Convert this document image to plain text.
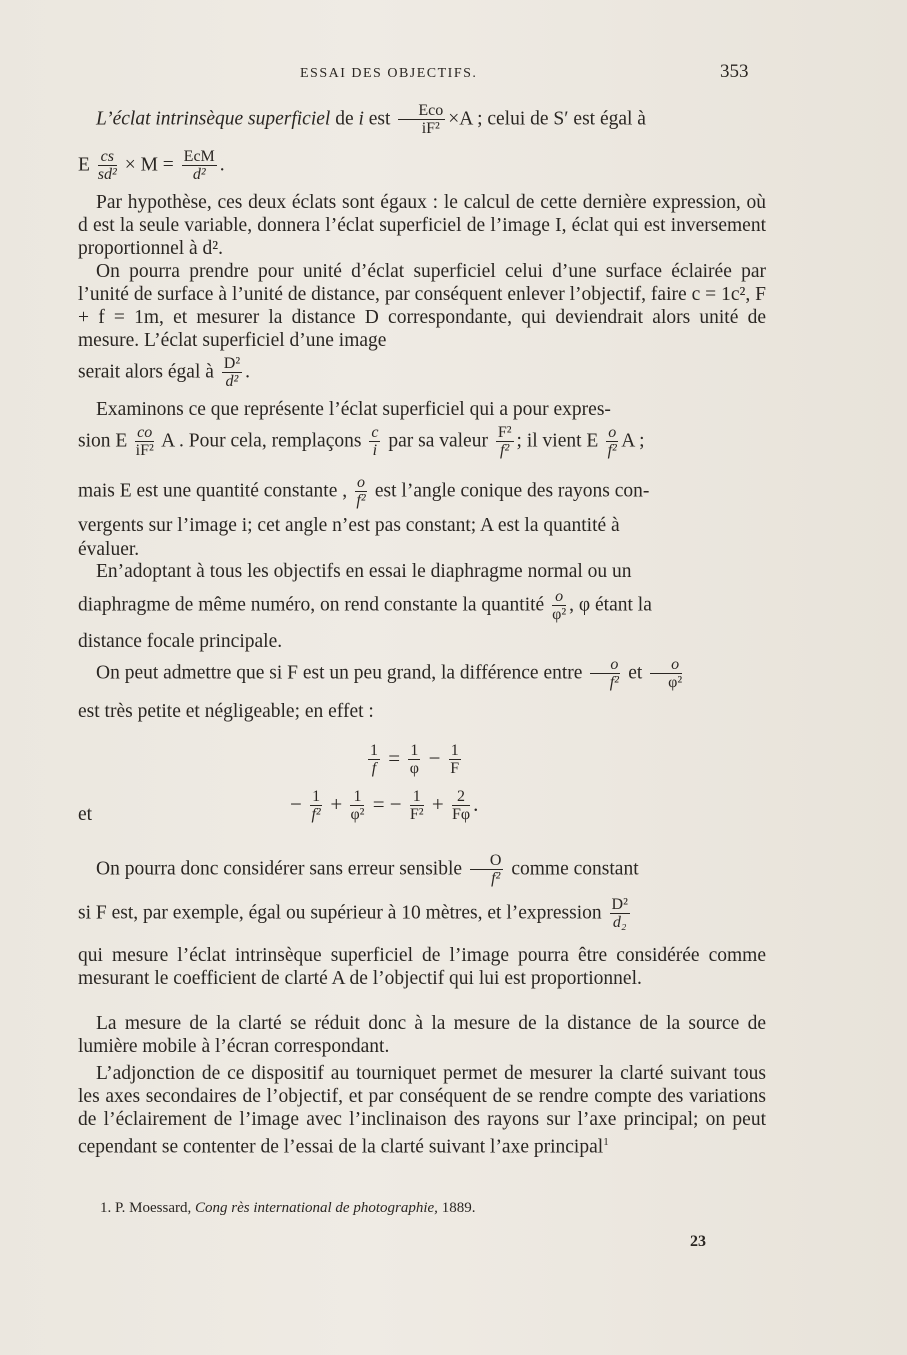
ESSAI DES OBJECTIFS.	353
L’éclat intrinsèque superficiel de i est $\frac{\text{Eco}}{\text{iF²}} \times A$ ; celui de S′ est égal à
E $\frac{cs}{\text{sd²}} \times M = \frac{\text{EcM}}{\text{d²}}$ .
Par hypothèse, ces deux éclats sont égaux : le calcul de cette dernière expression, où d est la seule variable, donnera l’éclat superficiel de l’image I, éclat qui est inversement proportionnel à d².
On pourra prendre pour unité d’éclat superficiel celui d’une surface éclairée par l’unité de surface à l’unité de distance, par conséquent enlever l’objectif, faire c = 1c², F + f = 1m, et mesurer la distance D correspondante, qui deviendrait alors unité de mesure. L’éclat superficiel d’une image
serait alors égal à $\frac{\text{D²}}{\text{d²}}$ .
Examinons ce que représente l’éclat superficiel qui a pour expres-
sion E $\frac{co}{\text{iF²}}$ A . Pour cela, remplaçons $\frac{c}{i}$ par sa valeur $\frac{\text{F²}}{\text{f²}}$ ; il vient E $\frac{o}{\text{f²}}$ A ;
mais E est une quantité constante , $\frac{o}{\text{f²}}$ est l’angle conique des rayons con-
vergents sur l’image i; cet angle n’est pas constant; A est la quantité à
évaluer.
En’adoptant à tous les objectifs en essai le diaphragme normal ou un
diaphragme de même numéro, on rend constante la quantité $\frac{o}{\text{φ²}}$ , φ étant la
distance focale principale.
On peut admettre que si F est un peu grand, la différence entre $\frac{o}{\text{f²}}$ et $\frac{o}{\text{φ²}}$
est très petite et négligeable; en effet :
$\frac{1}{f} = \frac{1}{\varphi} - \frac{1}{F}$
et	− $\frac{1}{\text{f²}} + \frac{1}{\text{φ²}}$ = − $\frac{1}{\text{F²}} + \frac{2}{F\varphi}$ .
On pourra donc considérer sans erreur sensible $\frac{O}{\text{f²}}$ comme constant
si F est, par exemple, égal ou supérieur à 10 mètres, et l’expression $\frac{\text{D²}}{\text{d₂}}$
qui mesure l’éclat intrinsèque superficiel de l’image pourra être considérée comme mesurant le coefficient de clarté A de l’objectif qui lui est proportionnel.
La mesure de la clarté se réduit donc à la mesure de la distance de la source de lumière mobile à l’écran correspondant.
L’adjonction de ce dispositif au tourniquet permet de mesurer la clarté suivant tous les axes secondaires de l’objectif, et par conséquent de se rendre compte des variations de l’éclairement de l’image avec l’inclinaison des rayons sur l’axe principal; on peut cependant se contenter de l’essai de la clarté suivant l’axe principal$^1$
1. P. Moessard, Cong rès international de photographie, 1889.
23
